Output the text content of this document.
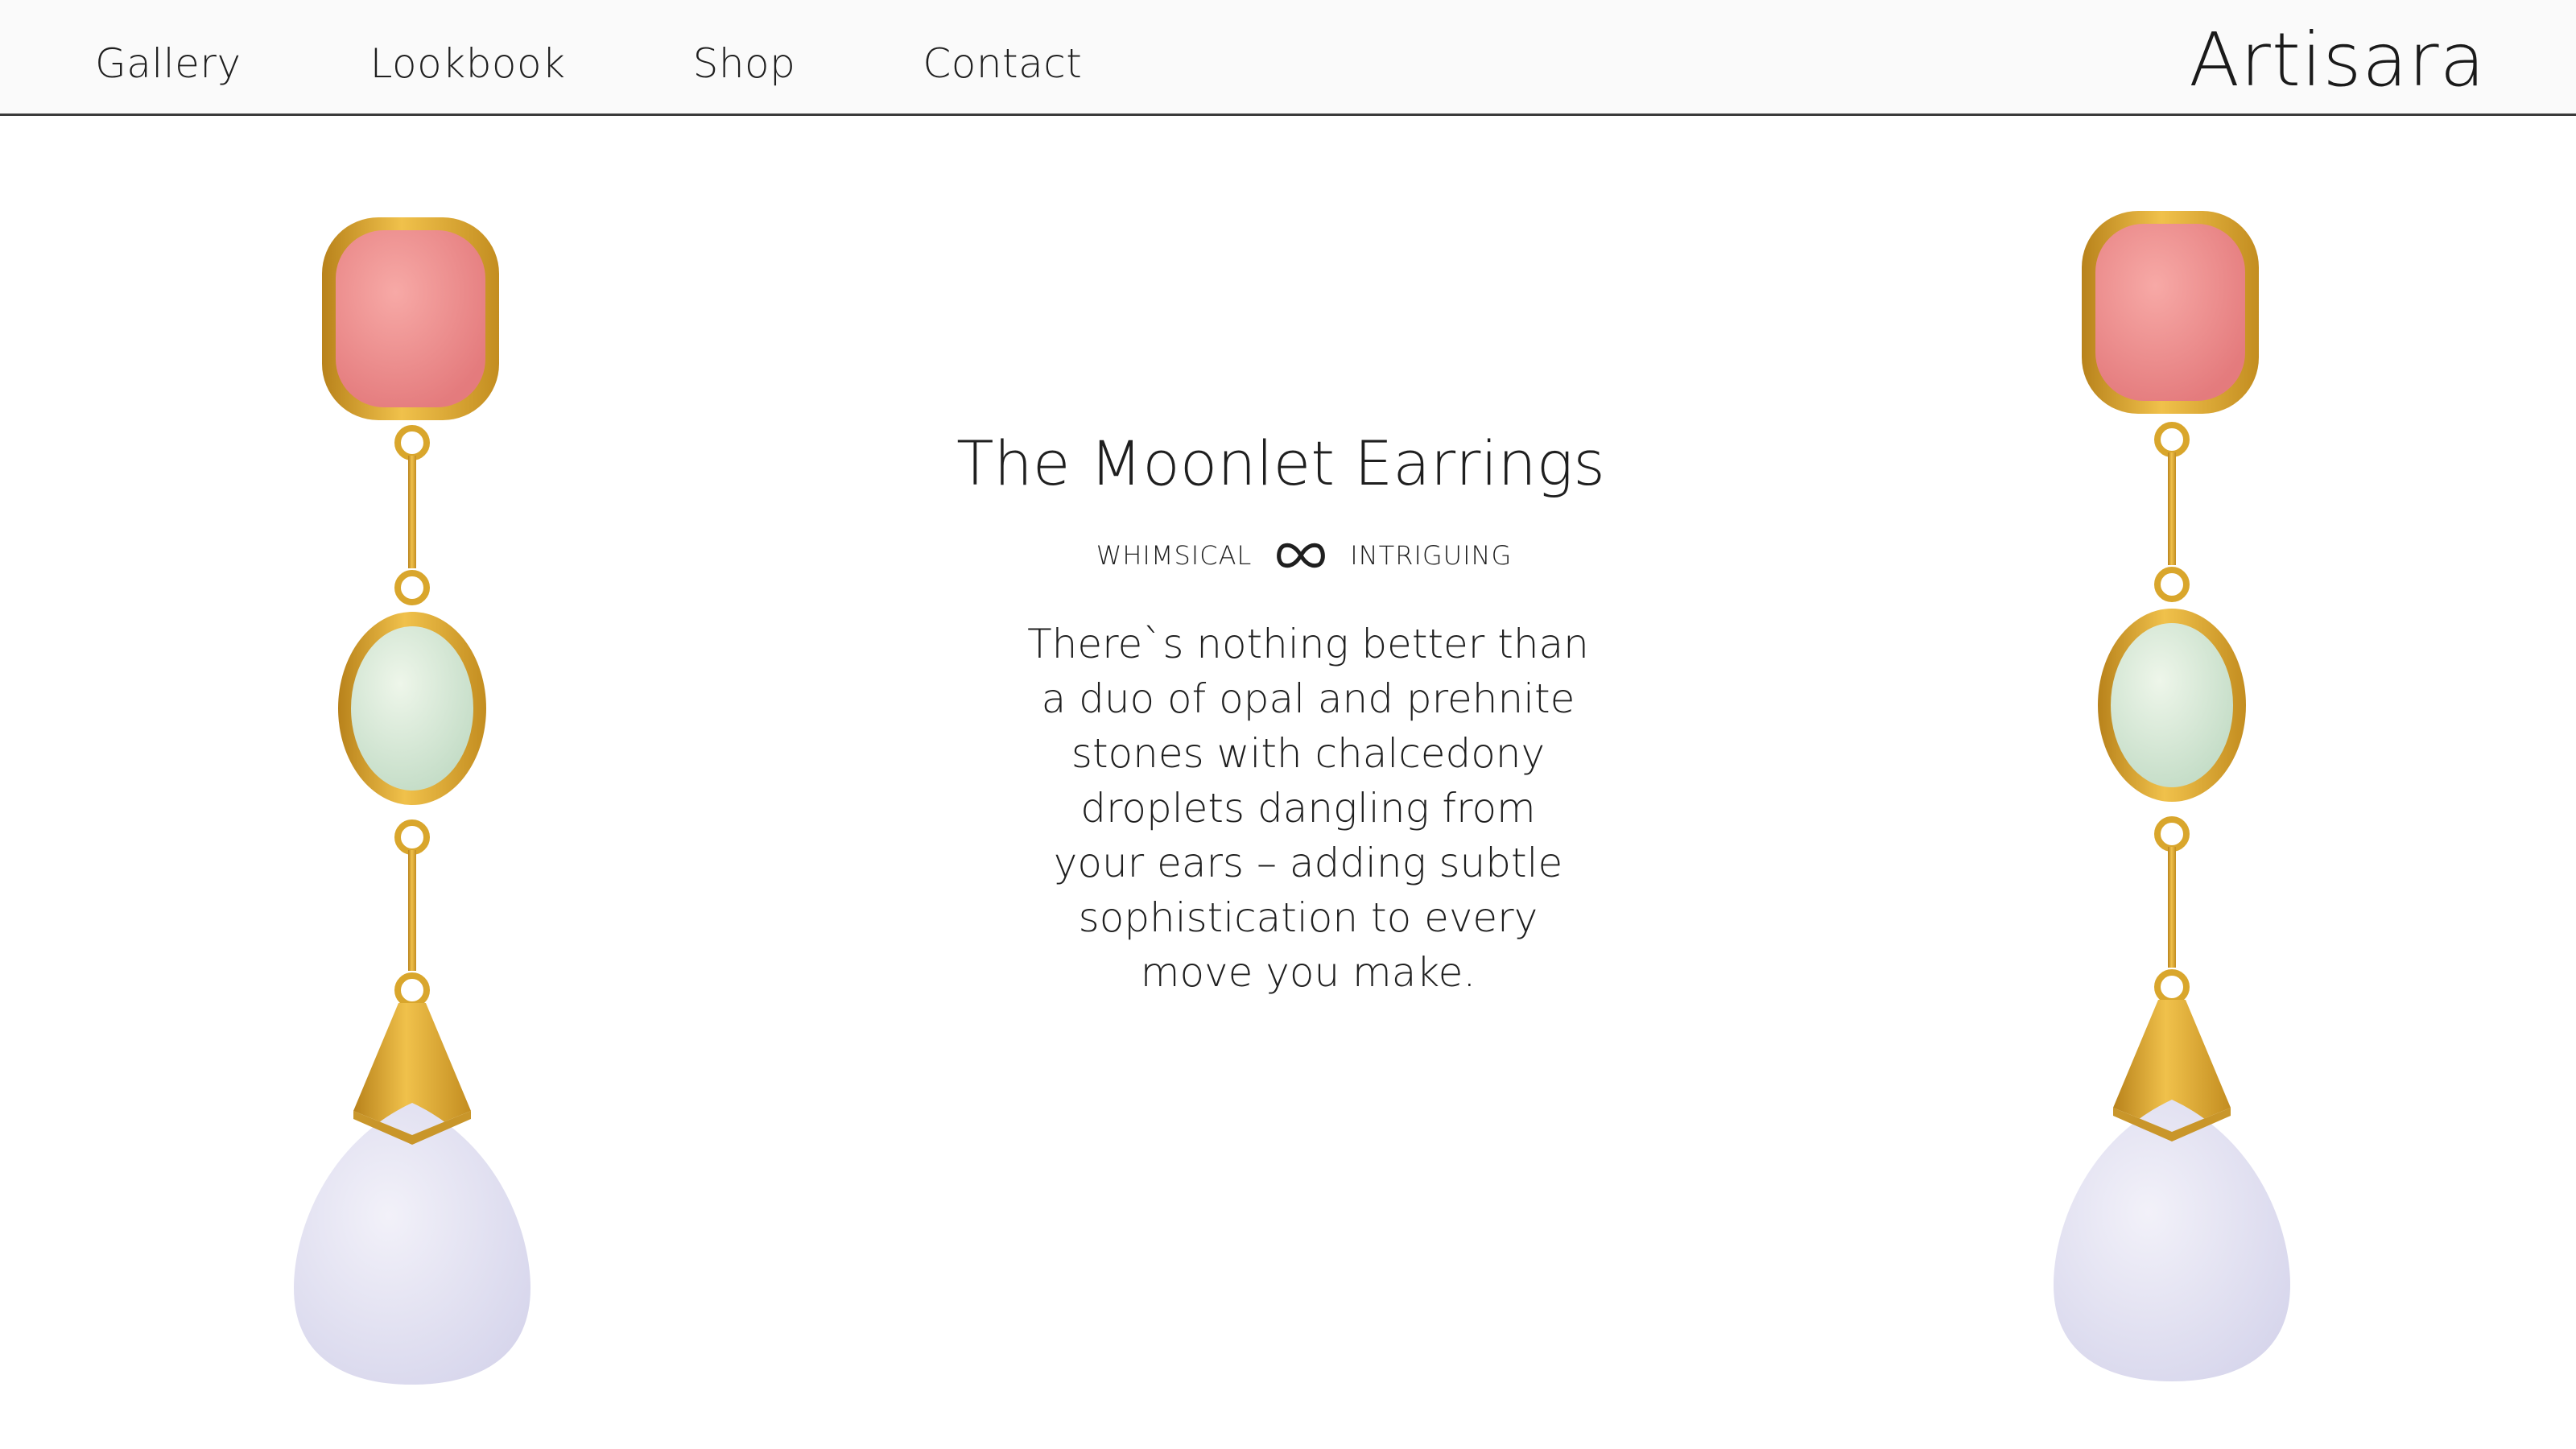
Gallery	Lookbook	Shop	Contact	Artisara
The Moonlet Earrings
WHIMSICAL	INTRIGUING

There`s nothing better than
a duo of opal and prehnite
stones with chalcedony
droplets dangling from
your ears – adding subtle
sophistication to every
move you make.
